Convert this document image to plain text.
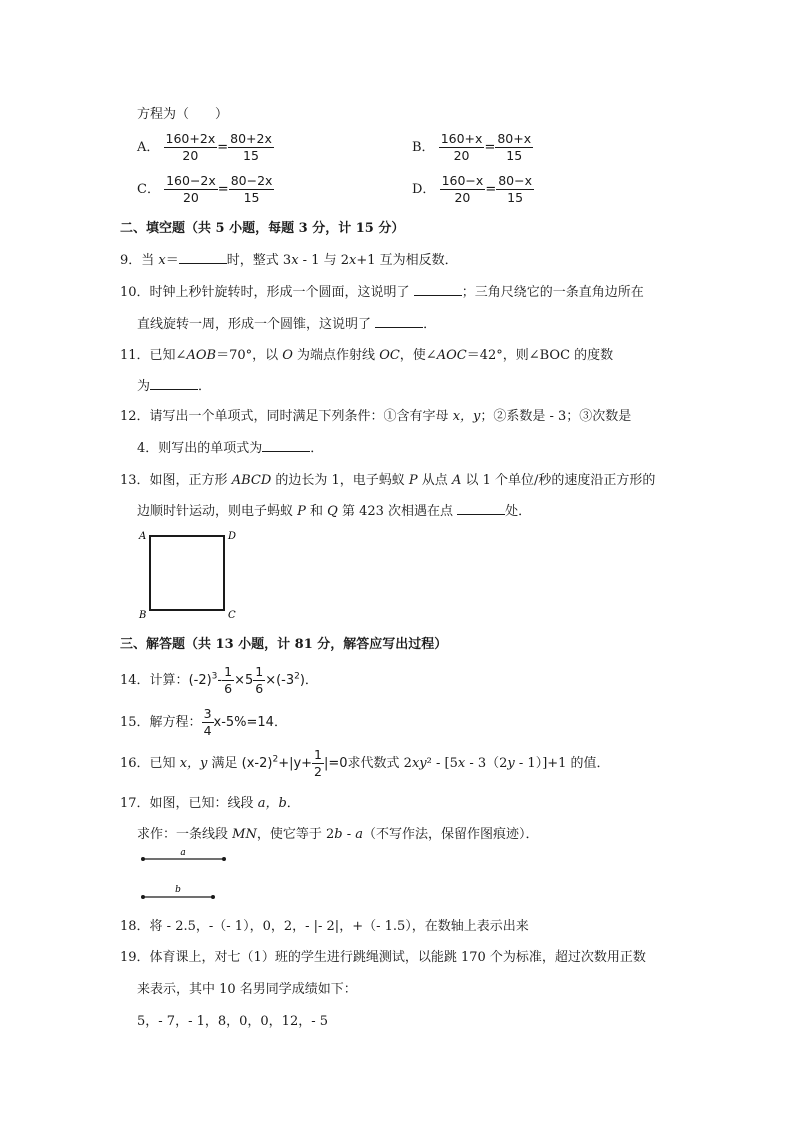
方程为（　　）
A． $\frac{160+2x}{20} = \frac{80+2x}{15}$	B． $\frac{160+x}{20} = \frac{80+x}{15}$
C． $\frac{160-2x}{20} = \frac{80-2x}{15}$	D． $\frac{160-x}{20} = \frac{80-x}{15}$
二、填空题（共 5 小题，每题 3 分，计 15 分）
9．当 x＝	时，整式 3x - 1 与 2x+1 互为相反数．
10．时钟上秒针旋转时，形成一个圆面，这说明了	；三角尺绕它的一条直角边所在
直线旋转一周，形成一个圆锥，这说明了	．
11．已知∠AOB＝70°，以 O 为端点作射线 OC，使∠AOC＝42°，则∠BOC 的度数
为	．
12．请写出一个单项式，同时满足下列条件：①含有字母 x，y；②系数是 - 3；③次数是
4．则写出的单项式为	．
13．如图，正方形 ABCD 的边长为 1，电子蚂蚁 P 从点 A 以 1 个单位/秒的速度沿正方形的
边顺时针运动，则电子蚂蚁 P 和 Q 第 423 次相遇在点	处．
A	D
B	C
三、解答题（共 13 小题，计 81 分，解答应写出过程）
14．计算：$(-2)^3- \frac{1}{6} \times 5 \frac{1}{6} \times(-3^2)$．
15．解方程： $\frac{3}{4} x-5\%=14$．
16．已知 x，y 满足 $(x-2)^2+|y+ \frac{1}{2} |=0$求代数式 2xy² - [5x - 3（2y - 1）]+1 的值．
17．如图，已知：线段 a，b．
求作：一条线段 MN，使它等于 2b - a（不写作法，保留作图痕迹）．
a
b
18．将 - 2.5，-（- 1），0，2，- |- 2|，+（- 1.5），在数轴上表示出来
19．体育课上，对七（1）班的学生进行跳绳测试，以能跳 170 个为标准，超过次数用正数
来表示，其中 10 名男同学成绩如下：
5，- 7，- 1，8，0，0，12，- 5
